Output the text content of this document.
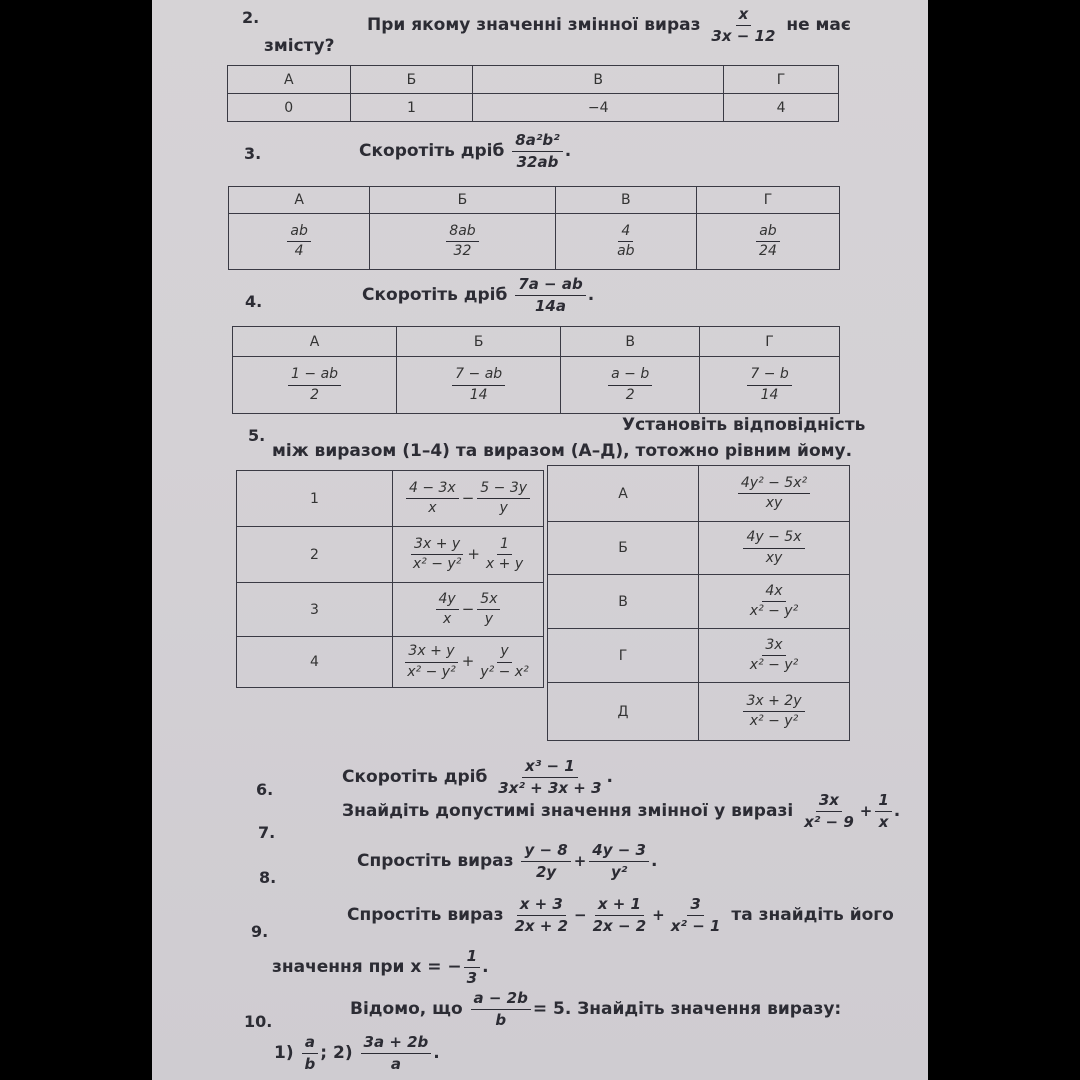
2.	При якому значенні змінної вираз $\frac{x}{3x - 12}$ не має
змісту?
А	Б	В	Г
0	1	−4	4
3.	Скоротіть дріб $\frac{\text{8a²b²}}{32ab}$ .
А	Б	В	Г

$\frac{ab}{4}$	$\frac{8ab}{32}$	$\frac{4}{ab}$	$\frac{ab}{24}$
4.	Скоротіть дріб $\frac{7a - ab}{14a}$ .
А	Б	В	Г

$\frac{1 - ab}{2}$	$\frac{7 - ab}{14}$	$\frac{a - b}{2}$	$\frac{7 - b}{14}$
5.
Установіть відповідність
між виразом (1–4) та виразом (А–Д), тотожно рівним йому.
1	$\frac{4 - 3x}{x} - \frac{5 - 3y}{y}$

2	$\frac{3x + y}{\text{x² − y²}} + \frac{1}{x + y}$

3	$\frac{4y}{x} - \frac{5x}{y}$

4	$\frac{3x + y}{\text{x² − y²}} + \frac{y}{\text{y² − x²}}$
А	$\frac{\text{4y² − 5x²}}{xy}$

Б	$\frac{4y - 5x}{xy}$

В	$\frac{4x}{\text{x² − y²}}$

Г	$\frac{3x}{\text{x² − y²}}$

Д	$\frac{3x + 2y}{\text{x² − y²}}$
6.
Скоротіть дріб $\frac{\text{x³ − 1}}{\text{3x² + 3x + 3}}$ .
7.
Знайдіть допустимі значення змінної у виразі $\frac{3x}{\text{x² − 9}} + \frac{1}{x}$ .
8.
Спростіть вираз $\frac{y - 8}{2y} + \frac{4y - 3}{\text{y²}}$ .
9.
Спростіть вираз $\frac{x + 3}{2x + 2} - \frac{x + 1}{2x - 2} + \frac{3}{\text{x² − 1}}$ та знайдіть його
значення при x = − $\frac{1}{3}$ .
10.
Відомо, що $\frac{a - 2b}{b} = 5$. Знайдіть значення виразу:
$1) \frac{a}{b}$ ; $2) \frac{3a + 2b}{a}$ .
